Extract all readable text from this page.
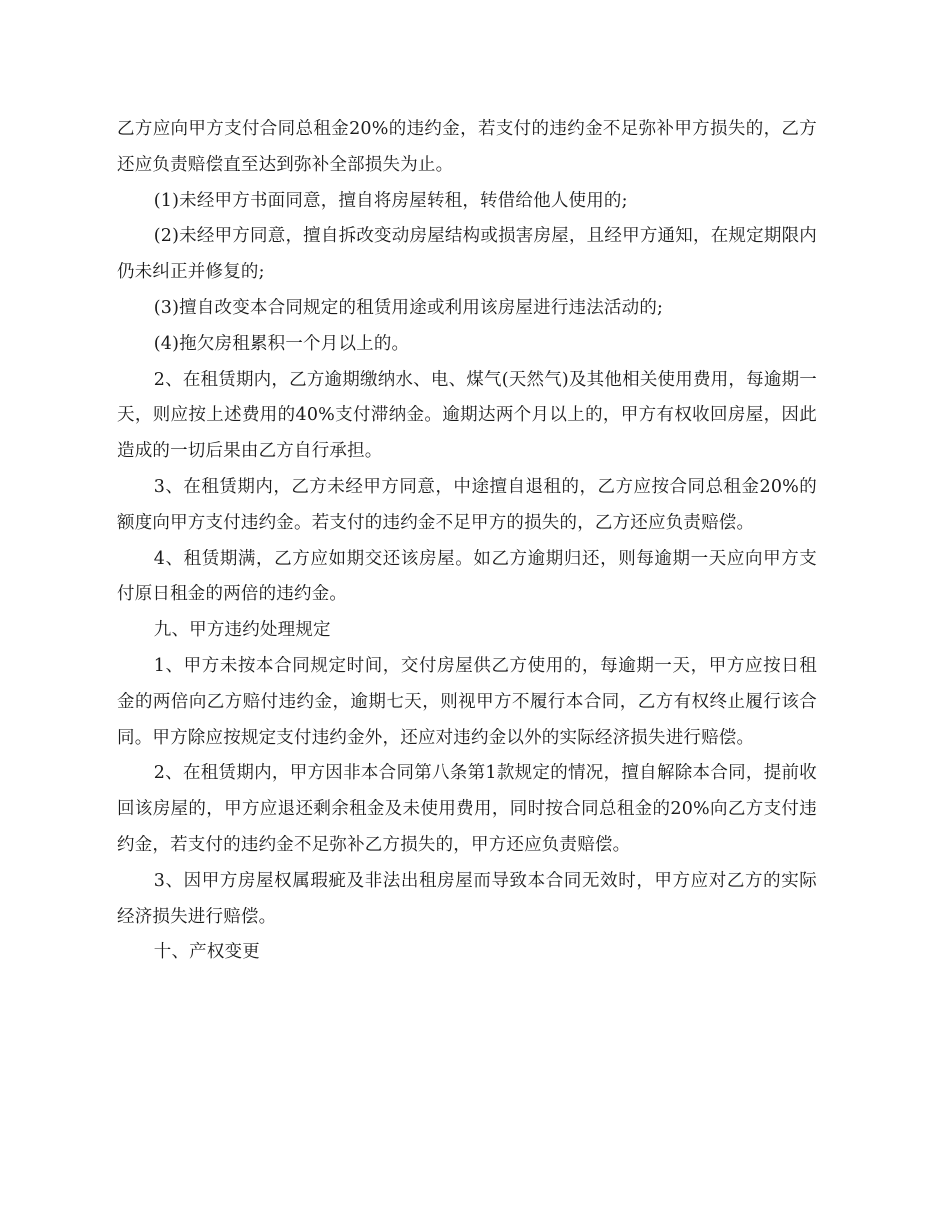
乙方应向甲方支付合同总租金20%的违约金，若支付的违约金不足弥补甲方损失的，乙方还应负责赔偿直至达到弥补全部损失为止。

(1)未经甲方书面同意，擅自将房屋转租，转借给他人使用的;

(2)未经甲方同意，擅自拆改变动房屋结构或损害房屋，且经甲方通知，在规定期限内仍未纠正并修复的;

(3)擅自改变本合同规定的租赁用途或利用该房屋进行违法活动的;

(4)拖欠房租累积一个月以上的。

2、在租赁期内，乙方逾期缴纳水、电、煤气(天然气)及其他相关使用费用，每逾期一天，则应按上述费用的40%支付滞纳金。逾期达两个月以上的，甲方有权收回房屋，因此造成的一切后果由乙方自行承担。

3、在租赁期内，乙方未经甲方同意，中途擅自退租的，乙方应按合同总租金20%的额度向甲方支付违约金。若支付的违约金不足甲方的损失的，乙方还应负责赔偿。

4、租赁期满，乙方应如期交还该房屋。如乙方逾期归还，则每逾期一天应向甲方支付原日租金的两倍的违约金。

九、甲方违约处理规定

1、甲方未按本合同规定时间，交付房屋供乙方使用的，每逾期一天，甲方应按日租金的两倍向乙方赔付违约金，逾期七天，则视甲方不履行本合同，乙方有权终止履行该合同。甲方除应按规定支付违约金外，还应对违约金以外的实际经济损失进行赔偿。

2、在租赁期内，甲方因非本合同第八条第1款规定的情况，擅自解除本合同，提前收回该房屋的，甲方应退还剩余租金及未使用费用，同时按合同总租金的20%向乙方支付违约金，若支付的违约金不足弥补乙方损失的，甲方还应负责赔偿。

3、因甲方房屋权属瑕疵及非法出租房屋而导致本合同无效时，甲方应对乙方的实际经济损失进行赔偿。

十、产权变更
